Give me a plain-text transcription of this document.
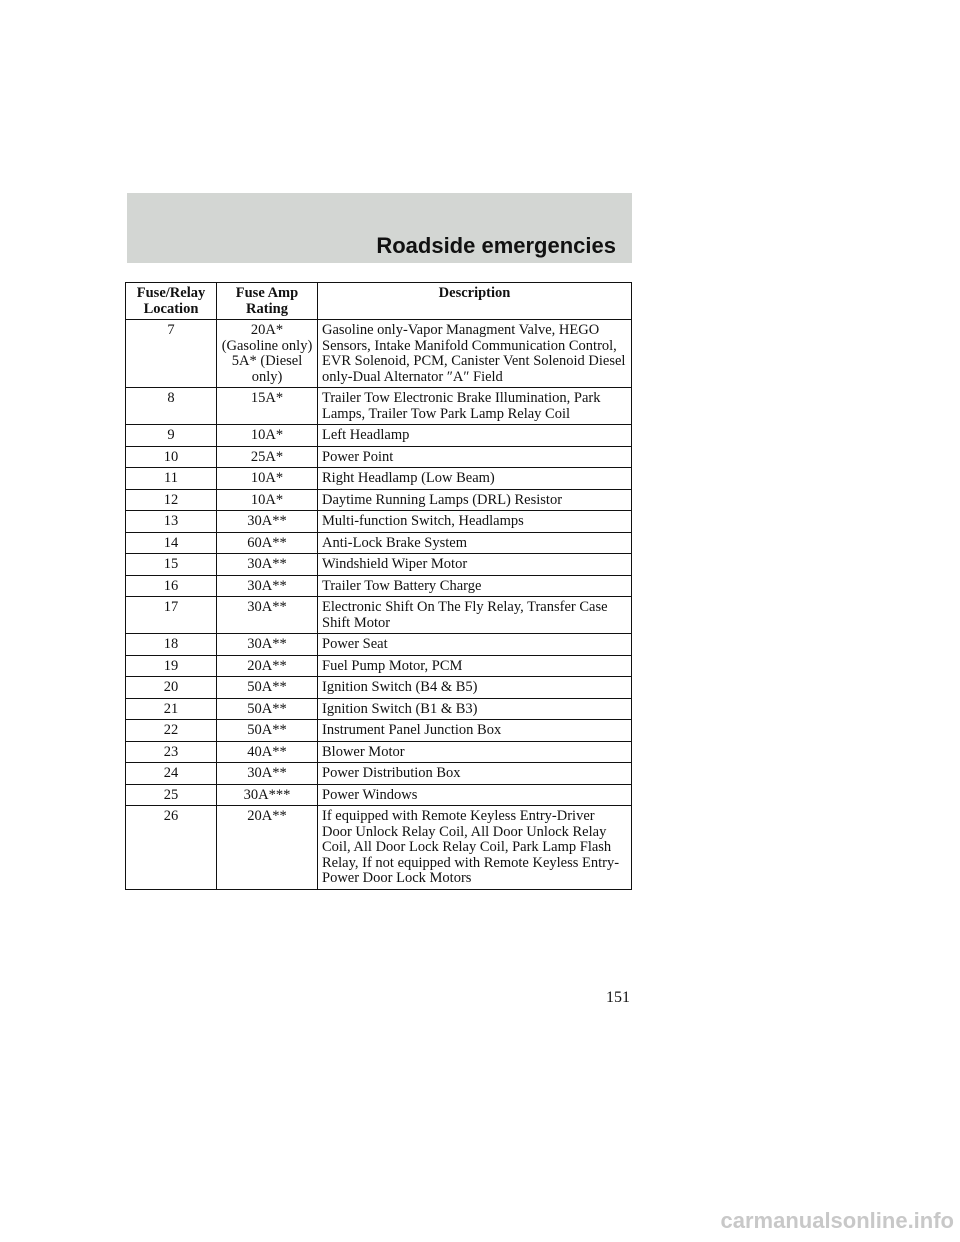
Roadside emergencies
Fuse/Relay Location	Fuse Amp Rating	Description
7	20A* (Gasoline only) 5A* (Diesel only)	Gasoline only-Vapor Managment Valve, HEGO Sensors, Intake Manifold Communication Control, EVR Solenoid, PCM, Canister Vent Solenoid Diesel only-Dual Alternator ″A″ Field
8	15A*	Trailer Tow Electronic Brake Illumination, Park Lamps, Trailer Tow Park Lamp Relay Coil
9	10A*	Left Headlamp
10	25A*	Power Point
11	10A*	Right Headlamp (Low Beam)
12	10A*	Daytime Running Lamps (DRL) Resistor
13	30A**	Multi-function Switch, Headlamps
14	60A**	Anti-Lock Brake System
15	30A**	Windshield Wiper Motor
16	30A**	Trailer Tow Battery Charge
17	30A**	Electronic Shift On The Fly Relay, Transfer Case Shift Motor
18	30A**	Power Seat
19	20A**	Fuel Pump Motor, PCM
20	50A**	Ignition Switch (B4 & B5)
21	50A**	Ignition Switch (B1 & B3)
22	50A**	Instrument Panel Junction Box
23	40A**	Blower Motor
24	30A**	Power Distribution Box
25	30A***	Power Windows
26	20A**	If equipped with Remote Keyless Entry-Driver Door Unlock Relay Coil, All Door Unlock Relay Coil, All Door Lock Relay Coil, Park Lamp Flash Relay, If not equipped with Remote Keyless Entry-Power Door Lock Motors
151
carmanualsonline.info
